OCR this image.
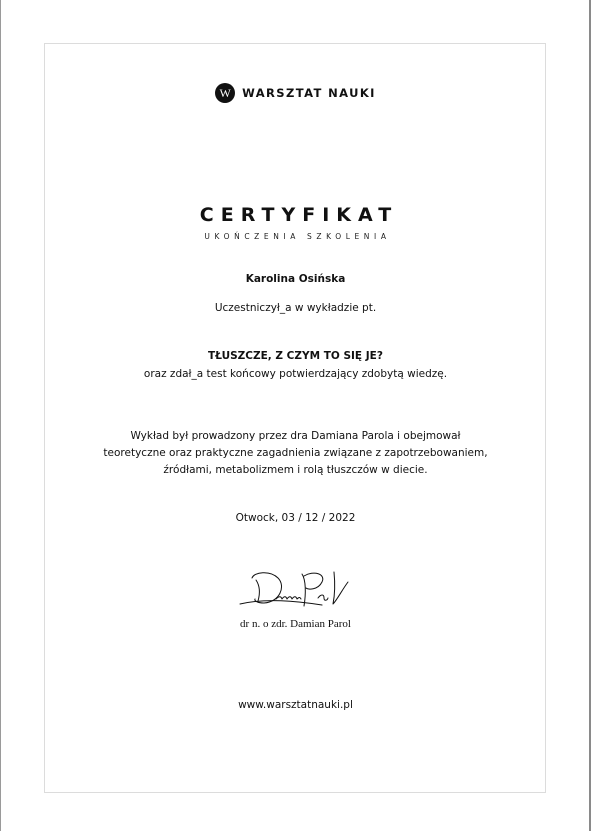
W WARSZTAT NAUKI
CERTYFIKAT
UKOŃCZENIA SZKOLENIA
Karolina Osińska
Uczestniczył_a w wykładzie pt.
TŁUSZCZE, Z CZYM TO SIĘ JE?
oraz zdał_a test końcowy potwierdzający zdobytą wiedzę.
Wykład był prowadzony przez dra Damiana Parola i obejmował
teoretyczne oraz praktyczne zagadnienia związane z zapotrzebowaniem,
źródłami, metabolizmem i rolą tłuszczów w diecie.
Otwock, 03 / 12 / 2022
dr n. o zdr. Damian Parol
www.warsztatnauki.pl
